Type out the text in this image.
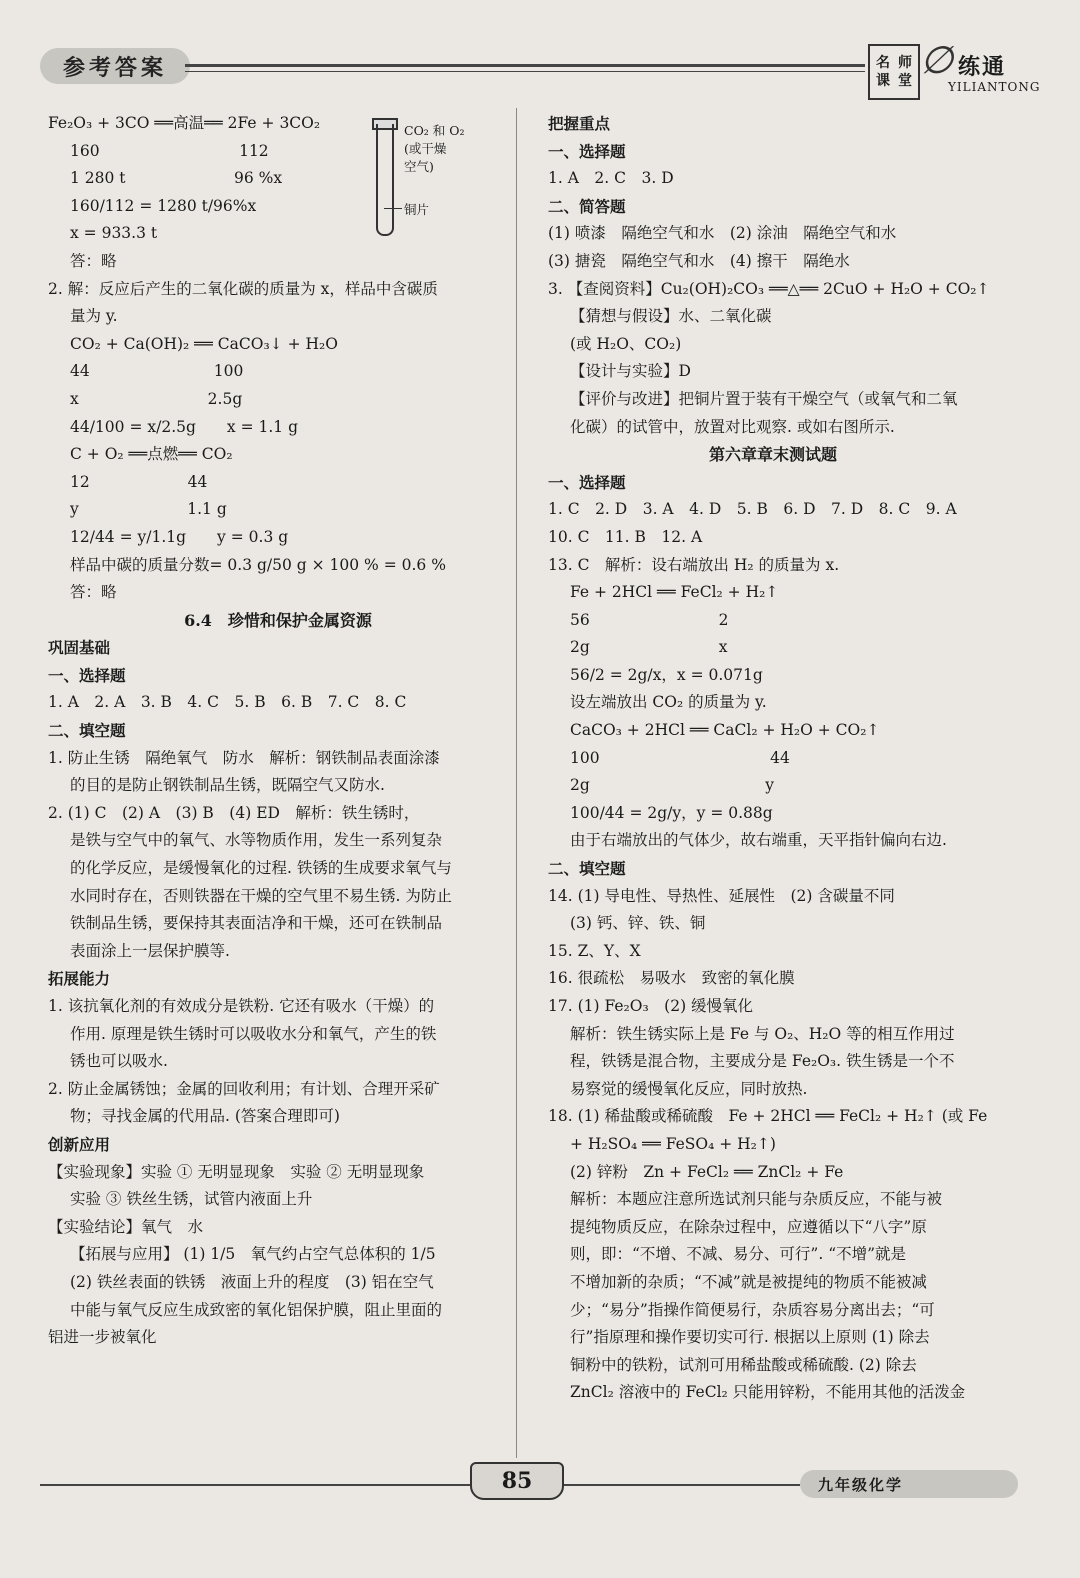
参考答案	名 师
课 堂 ∅ 练通
YILIANTONG
CO₂ 和 O₂
(或干燥
空气)
铜片
Fe₂O₃ + 3CO ══高温══ 2Fe + 3CO₂
160　　　　　　　　　112
1 280 t　　　　　　　96 %x
160/112 = 1280 t/96%x
x = 933.3 t
答：略
2. 解：反应后产生的二氧化碳的质量为 x，样品中含碳质
量为 y.
CO₂ + Ca(OH)₂ ══ CaCO₃↓ + H₂O
44　　　　　　　　100
x　　　　　　　　 2.5g
44/100 = x/2.5g　　x = 1.1 g
C + O₂ ══点燃══ CO₂
12　　　　　　 44
y　　　　　　　1.1 g
12/44 = y/1.1g　　y = 0.3 g
样品中碳的质量分数= 0.3 g/50 g × 100 % = 0.6 %
答：略
6.4　珍惜和保护金属资源
巩固基础
一、选择题
1. A　2. A　3. B　4. C　5. B　6. B　7. C　8. C
二、填空题
1. 防止生锈　隔绝氧气　防水　解析：钢铁制品表面涂漆
的目的是防止钢铁制品生锈，既隔空气又防水.
2. (1) C　(2) A　(3) B　(4) ED　解析：铁生锈时，
是铁与空气中的氧气、水等物质作用，发生一系列复杂
的化学反应，是缓慢氧化的过程. 铁锈的生成要求氧气与
水同时存在，否则铁器在干燥的空气里不易生锈. 为防止
铁制品生锈，要保持其表面洁净和干燥，还可在铁制品
表面涂上一层保护膜等.
拓展能力
1. 该抗氧化剂的有效成分是铁粉. 它还有吸水（干燥）的
作用. 原理是铁生锈时可以吸收水分和氧气，产生的铁
锈也可以吸水.
2. 防止金属锈蚀；金属的回收利用；有计划、合理开采矿
物；寻找金属的代用品. (答案合理即可)
创新应用
【实验现象】实验 ① 无明显现象　实验 ② 无明显现象
实验 ③ 铁丝生锈，试管内液面上升
【实验结论】氧气　水
【拓展与应用】 (1) 1/5　氧气约占空气总体积的 1/5
(2) 铁丝表面的铁锈　液面上升的程度　(3) 铝在空气
中能与氧气反应生成致密的氧化铝保护膜，阻止里面的
铝进一步被氧化
把握重点
一、选择题
1. A　2. C　3. D
二、简答题
(1) 喷漆　隔绝空气和水　(2) 涂油　隔绝空气和水
(3) 搪瓷　隔绝空气和水　(4) 擦干　隔绝水
3. 【查阅资料】Cu₂(OH)₂CO₃ ══△══ 2CuO + H₂O + CO₂↑
【猜想与假设】水、二氧化碳
(或 H₂O、CO₂)
【设计与实验】D
【评价与改进】把铜片置于装有干燥空气（或氧气和二氧
化碳）的试管中，放置对比观察. 或如右图所示.
第六章章末测试题
一、选择题
1. C　2. D　3. A　4. D　5. B　6. D　7. D　8. C　9. A
10. C　11. B　12. A
13. C　解析：设右端放出 H₂ 的质量为 x.
Fe + 2HCl ══ FeCl₂ + H₂↑
56　　　　　　　　 2
2g　　　　　　　　 x
56/2 = 2g/x，x = 0.071g
设左端放出 CO₂ 的质量为 y.
CaCO₃ + 2HCl ══ CaCl₂ + H₂O + CO₂↑
100　　　　　　　　　　　44
2g　　　　　　　　　　　 y
100/44 = 2g/y，y = 0.88g
由于右端放出的气体少，故右端重，天平指针偏向右边.
二、填空题
14. (1) 导电性、导热性、延展性　(2) 含碳量不同
(3) 钙、锌、铁、铜
15. Z、Y、X
16. 很疏松　易吸水　致密的氧化膜
17. (1) Fe₂O₃　(2) 缓慢氧化
解析：铁生锈实际上是 Fe 与 O₂、H₂O 等的相互作用过
程，铁锈是混合物，主要成分是 Fe₂O₃. 铁生锈是一个不
易察觉的缓慢氧化反应，同时放热.
18. (1) 稀盐酸或稀硫酸　Fe + 2HCl ══ FeCl₂ + H₂↑ (或 Fe
+ H₂SO₄ ══ FeSO₄ + H₂↑)
(2) 锌粉　Zn + FeCl₂ ══ ZnCl₂ + Fe
解析：本题应注意所选试剂只能与杂质反应，不能与被
提纯物质反应，在除杂过程中，应遵循以下“八字”原
则，即：“不增、不减、易分、可行”. “不增”就是
不增加新的杂质；“不减”就是被提纯的物质不能被减
少；“易分”指操作简便易行，杂质容易分离出去；“可
行”指原理和操作要切实可行. 根据以上原则 (1) 除去
铜粉中的铁粉，试剂可用稀盐酸或稀硫酸. (2) 除去
ZnCl₂ 溶液中的 FeCl₂ 只能用锌粉，不能用其他的活泼金
85	九年级化学
